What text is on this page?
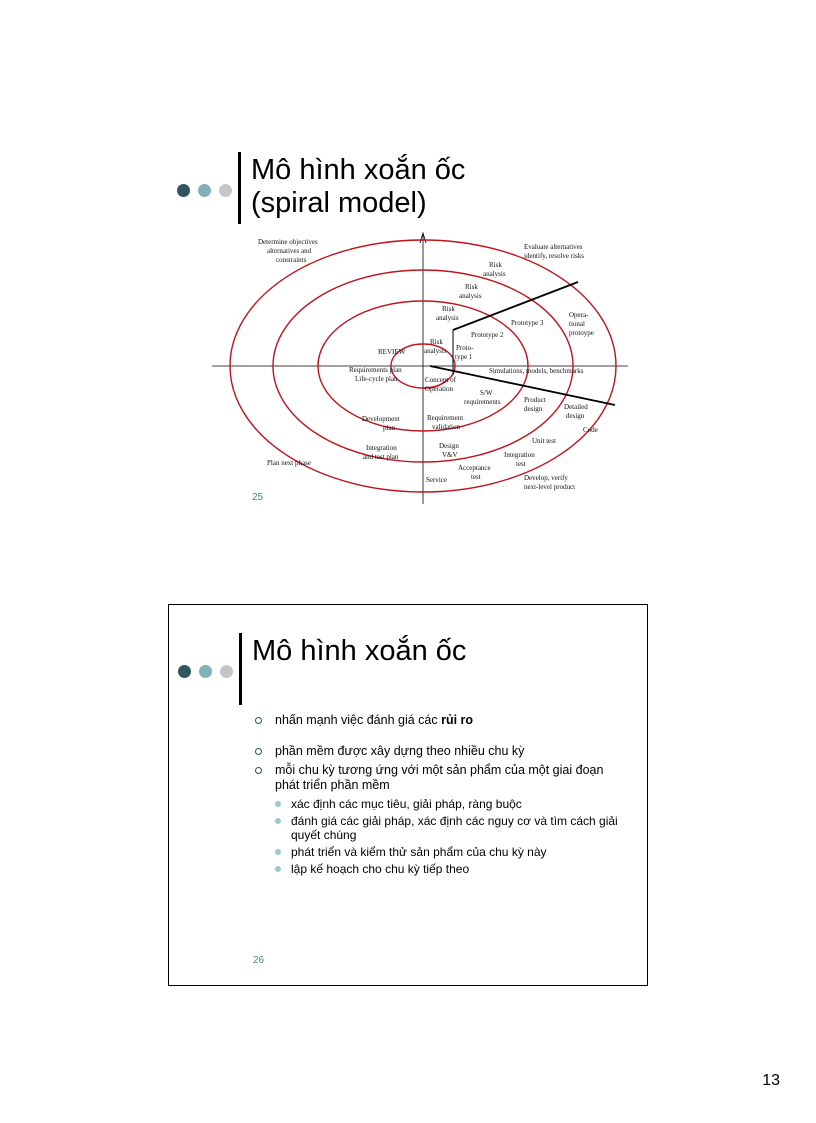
Mô hình xoắn ốc
(spiral model)
Determine objectives
alternatives and
constraints
Evaluate alternatives
identify, resolve risks
Risk
analysis
Risk
analysis
Risk
analysis
Risk
analysis
Prototype 3
Prototype 2
Proto-
type 1
Opera-
tional
protoype
REVIEW
Requirements plan
Life-cycle plan	Concept of
Operation
Simulations, models, benchmarks
S/W
requirements	Product
design	Detailed
design
Development
plan
Requirement
validation	Code
Unit test
Integration
and test plan
Design
V&V	Integration
test
Plan next phase
Acceptance
test
Service	Develop, verify
next-level product
25
Mô hình xoắn ốc
nhấn mạnh việc đánh giá các rủi ro
phần mềm được xây dựng theo nhiều chu kỳ
mỗi chu kỳ tương ứng với một sản phẩm của một giai đoạn phát triển phần mềm
xác định các mục tiêu, giải pháp, ràng buộc
đánh giá các giải pháp, xác định các nguy cơ và tìm cách giải quyết chúng
phát triển và kiểm thử sản phẩm của chu kỳ này
lập kế hoạch cho chu kỳ tiếp theo
26
13
